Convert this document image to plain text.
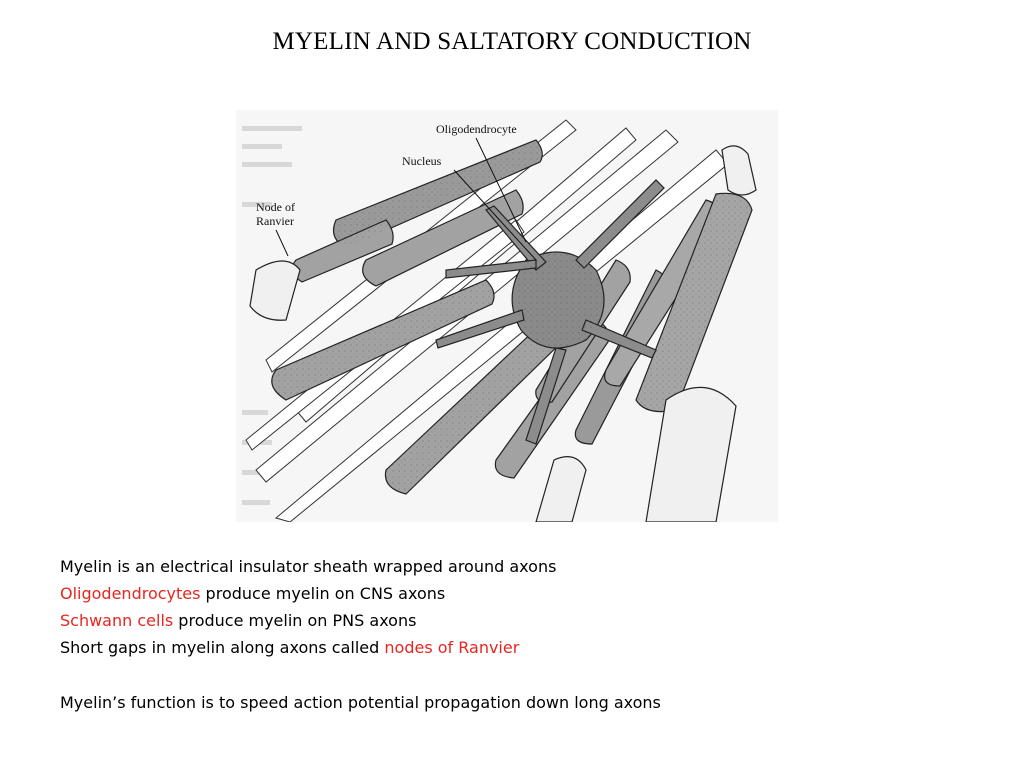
MYELIN AND SALTATORY CONDUCTION
Oligodendrocyte
Nucleus
Node of
Ranvier
Myelin is an electrical insulator sheath wrapped around axons
Oligodendrocytes produce myelin on CNS axons
Schwann cells produce myelin on PNS axons
Short gaps in myelin along axons called nodes of Ranvier
Myelin’s function is to speed action potential propagation down long axons
